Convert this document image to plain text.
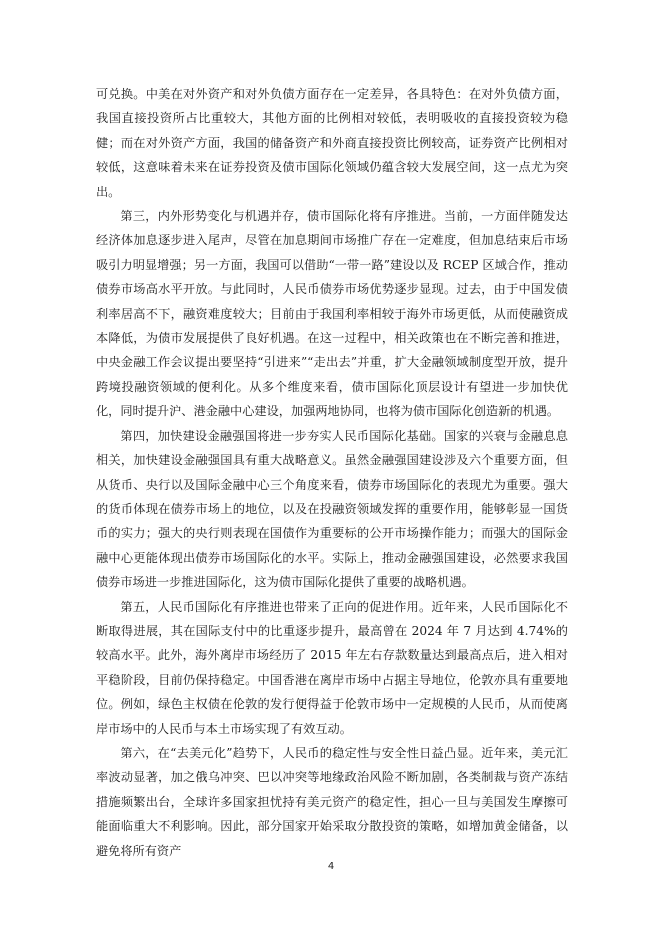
可兑换。中美在对外资产和对外负债方面存在一定差异，各具特色：在对外负债方面，我国直接投资所占比重较大，其他方面的比例相对较低，表明吸收的直接投资较为稳健；而在对外资产方面，我国的储备资产和外商直接投资比例较高，证券资产比例相对较低，这意味着未来在证券投资及债市国际化领域仍蕴含较大发展空间，这一点尤为突出。

第三，内外形势变化与机遇并存，债市国际化将有序推进。当前，一方面伴随发达经济体加息逐步进入尾声，尽管在加息期间市场推广存在一定难度，但加息结束后市场吸引力明显增强；另一方面，我国可以借助“一带一路”建设以及 RCEP 区域合作，推动债券市场高水平开放。与此同时，人民币债券市场优势逐步显现。过去，由于中国发债利率居高不下，融资难度较大；目前由于我国利率相较于海外市场更低，从而使融资成本降低，为债市发展提供了良好机遇。在这一过程中，相关政策也在不断完善和推进，中央金融工作会议提出要坚持“引进来”“走出去”并重，扩大金融领域制度型开放，提升跨境投融资领域的便利化。从多个维度来看，债市国际化顶层设计有望进一步加快优化，同时提升沪、港金融中心建设，加强两地协同，也将为债市国际化创造新的机遇。

第四，加快建设金融强国将进一步夯实人民币国际化基础。国家的兴衰与金融息息相关，加快建设金融强国具有重大战略意义。虽然金融强国建设涉及六个重要方面，但从货币、央行以及国际金融中心三个角度来看，债券市场国际化的表现尤为重要。强大的货币体现在债券市场上的地位，以及在投融资领域发挥的重要作用，能够彰显一国货币的实力；强大的央行则表现在国债作为重要标的公开市场操作能力；而强大的国际金融中心更能体现出债券市场国际化的水平。实际上，推动金融强国建设，必然要求我国债券市场进一步推进国际化，这为债市国际化提供了重要的战略机遇。

第五，人民币国际化有序推进也带来了正向的促进作用。近年来，人民币国际化不断取得进展，其在国际支付中的比重逐步提升，最高曾在 2024 年 7 月达到 4.74%的较高水平。此外，海外离岸市场经历了 2015 年左右存款数量达到最高点后，进入相对平稳阶段，目前仍保持稳定。中国香港在离岸市场中占据主导地位，伦敦亦具有重要地位。例如，绿色主权债在伦敦的发行便得益于伦敦市场中一定规模的人民币，从而使离岸市场中的人民币与本土市场实现了有效互动。

第六，在“去美元化”趋势下，人民币的稳定性与安全性日益凸显。近年来，美元汇率波动显著，加之俄乌冲突、巴以冲突等地缘政治风险不断加剧，各类制裁与资产冻结措施频繁出台，全球许多国家担忧持有美元资产的稳定性，担心一旦与美国发生摩擦可能面临重大不利影响。因此，部分国家开始采取分散投资的策略，如增加黄金储备，以避免将所有资产

4
